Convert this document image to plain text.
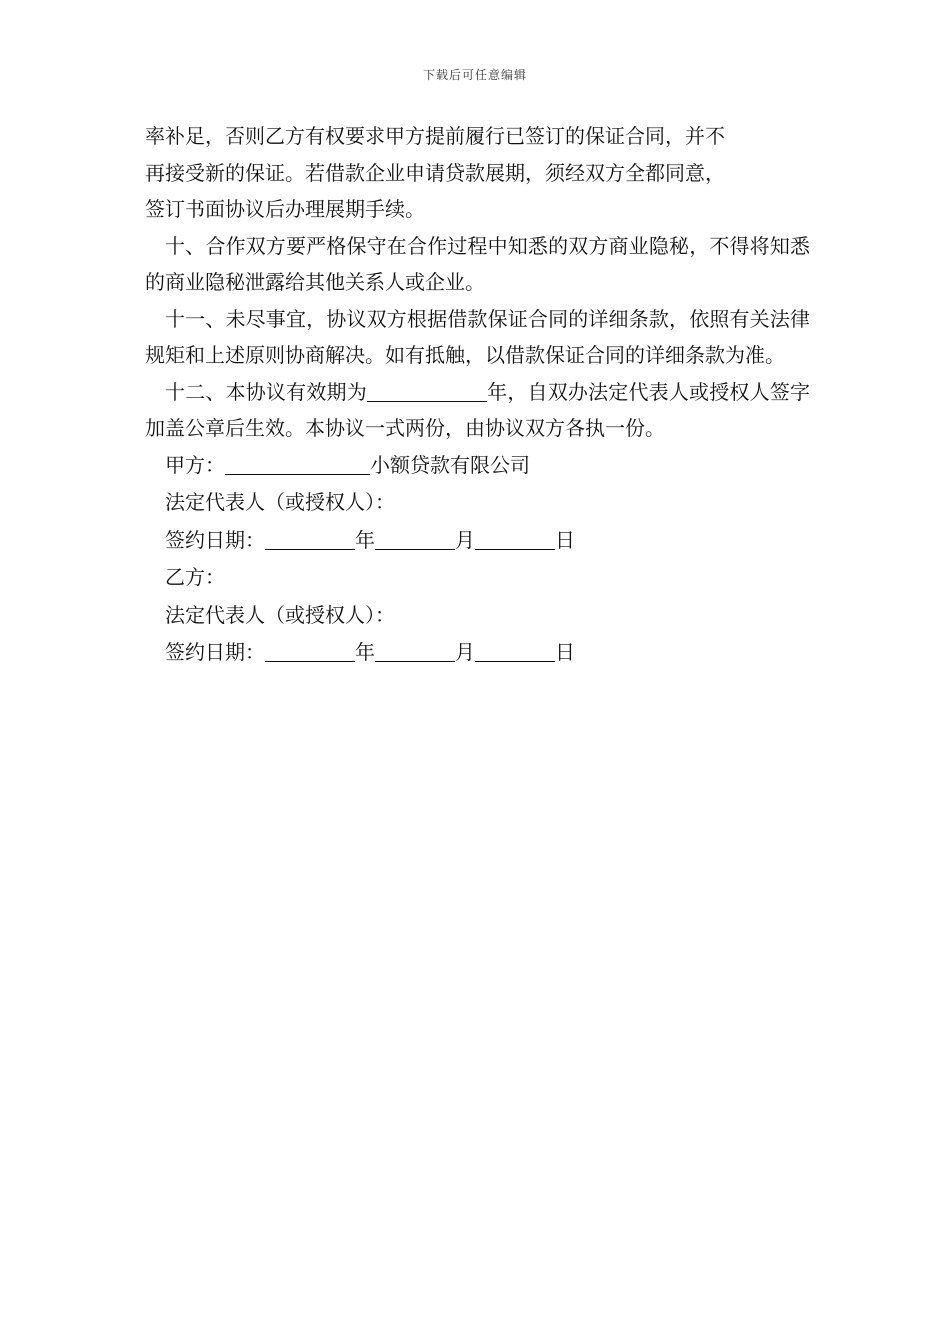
下载后可任意编辑
率补足，否则乙方有权要求甲方提前履行已签订的保证合同，并不
再接受新的保证。若借款企业申请贷款展期，须经双方全都同意，
签订书面协议后办理展期手续。

十、合作双方要严格保守在合作过程中知悉的双方商业隐秘，不得将知悉的商业隐秘泄露给其他关系人或企业。

十一、未尽事宜，协议双方根据借款保证合同的详细条款，依照有关法律规矩和上述原则协商解决。如有抵触，以借款保证合同的详细条款为准。

十二、本协议有效期为	年，自双办法定代表人或授权人签字加盖公章后生效。本协议一式两份，由协议双方各执一份。

甲方：	小额贷款有限公司

法定代表人（或授权人）：

签约日期：	年	月	日

乙方：

法定代表人（或授权人）：

签约日期：	年	月	日
